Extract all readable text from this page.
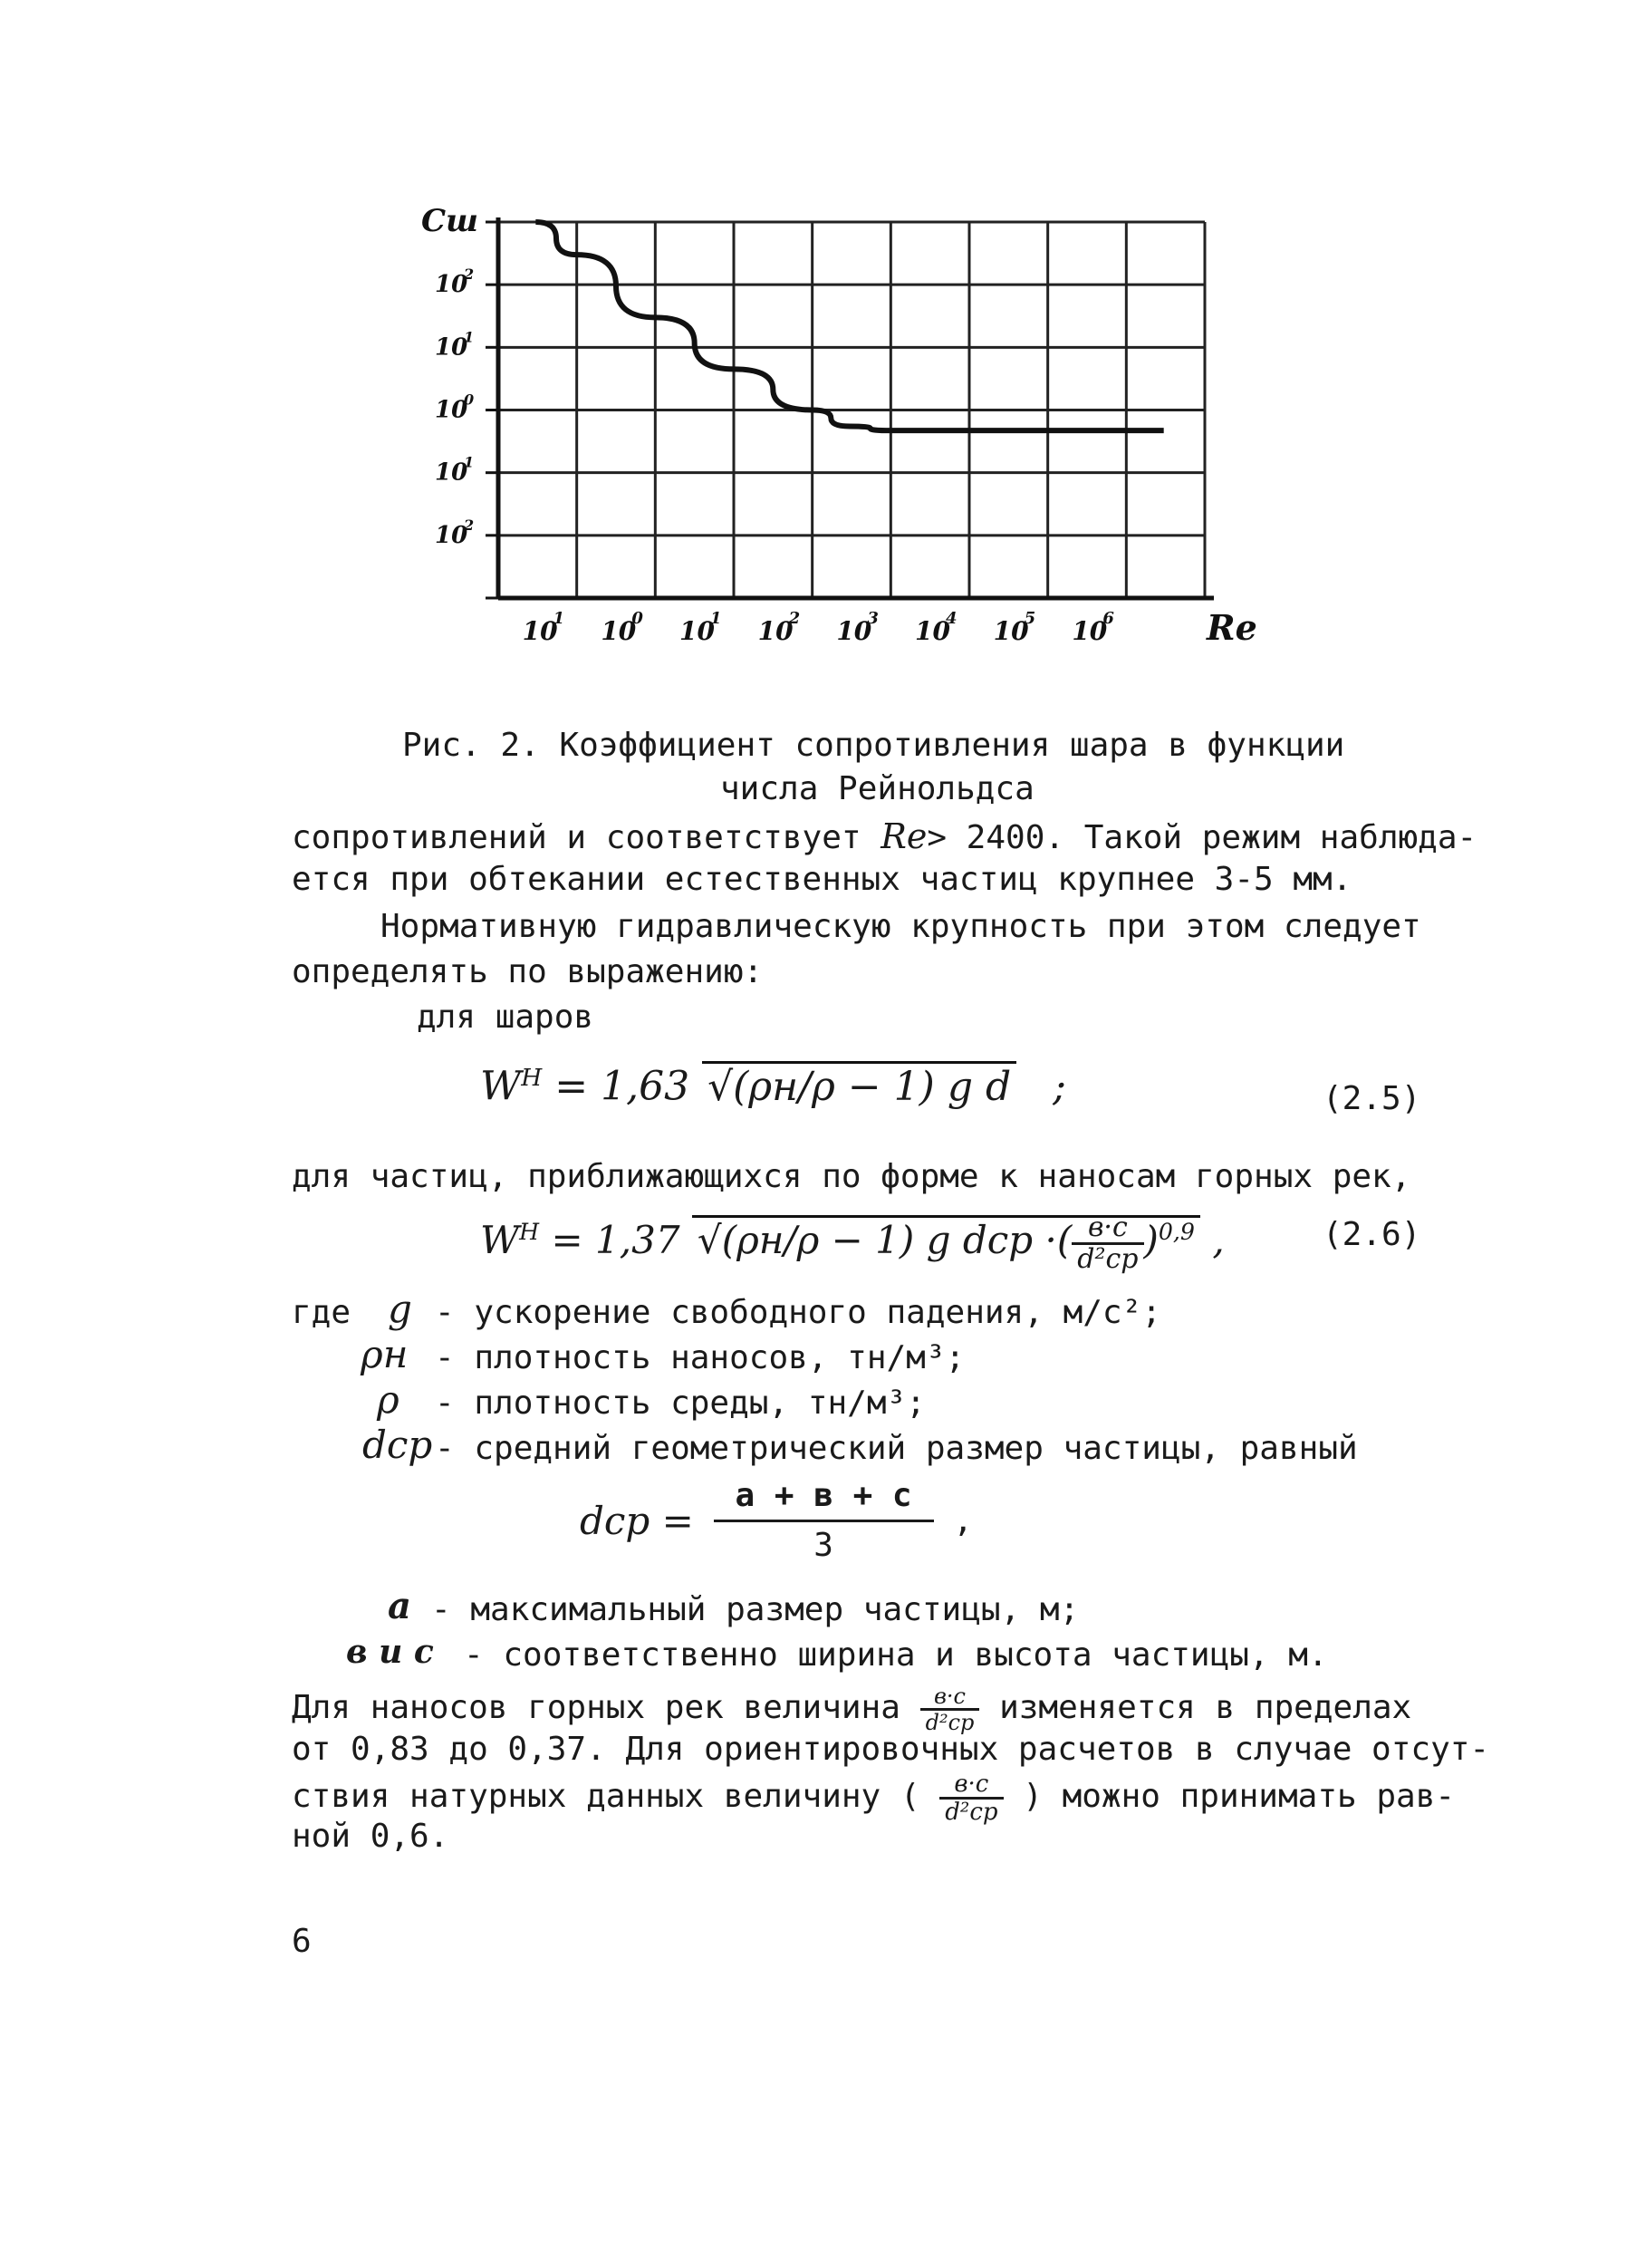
10
1 10
0 10
1 10
2 10
3 10
4 10
5 10
6
10
2
10
1
10
0
10
1
10
2
Cш
Re
Рис. 2. Коэффициент сопротивления шара в функции
числа Рейнольдса
сопротивлений и соответствует Re> 2400. Такой режим наблюда-
ется при обтекании естественных частиц крупнее 3-5 мм.
Нормативную гидравлическую крупность при этом следует
определять по выражению:
для шаров
$W^H = 1,63$ √(ρн/ρ − 1) g d ;	(2.5)
для частиц, приближающихся по форме к наносам горных рек,
$W^H = 1,37$ √(ρн/ρ − 1) g dср ·( $\frac{в\cdot с}{\text{d²ср}} )^{0,9}$ ,	(2.6)
где g - ускорение свободного падения, м/с²;
ρн - плотность наносов, тн/м³;
ρ - плотность среды, тн/м³;
dср - средний геометрический размер частицы, равный
dср = $\frac{a + в + c}{3}$ ,
a - максимальный размер частицы, м;
в и с - соответственно ширина и высота частицы, м.
Для наносов горных рек величина $\frac{в\cdot с}{\text{d²ср}}$ изменяется в пределах
от 0,83 до 0,37. Для ориентировочных расчетов в случае отсут-
ствия натурных данных величину ( $\frac{в\cdot с}{\text{d²ср}}$ ) можно принимать рав-
ной 0,6.
6
